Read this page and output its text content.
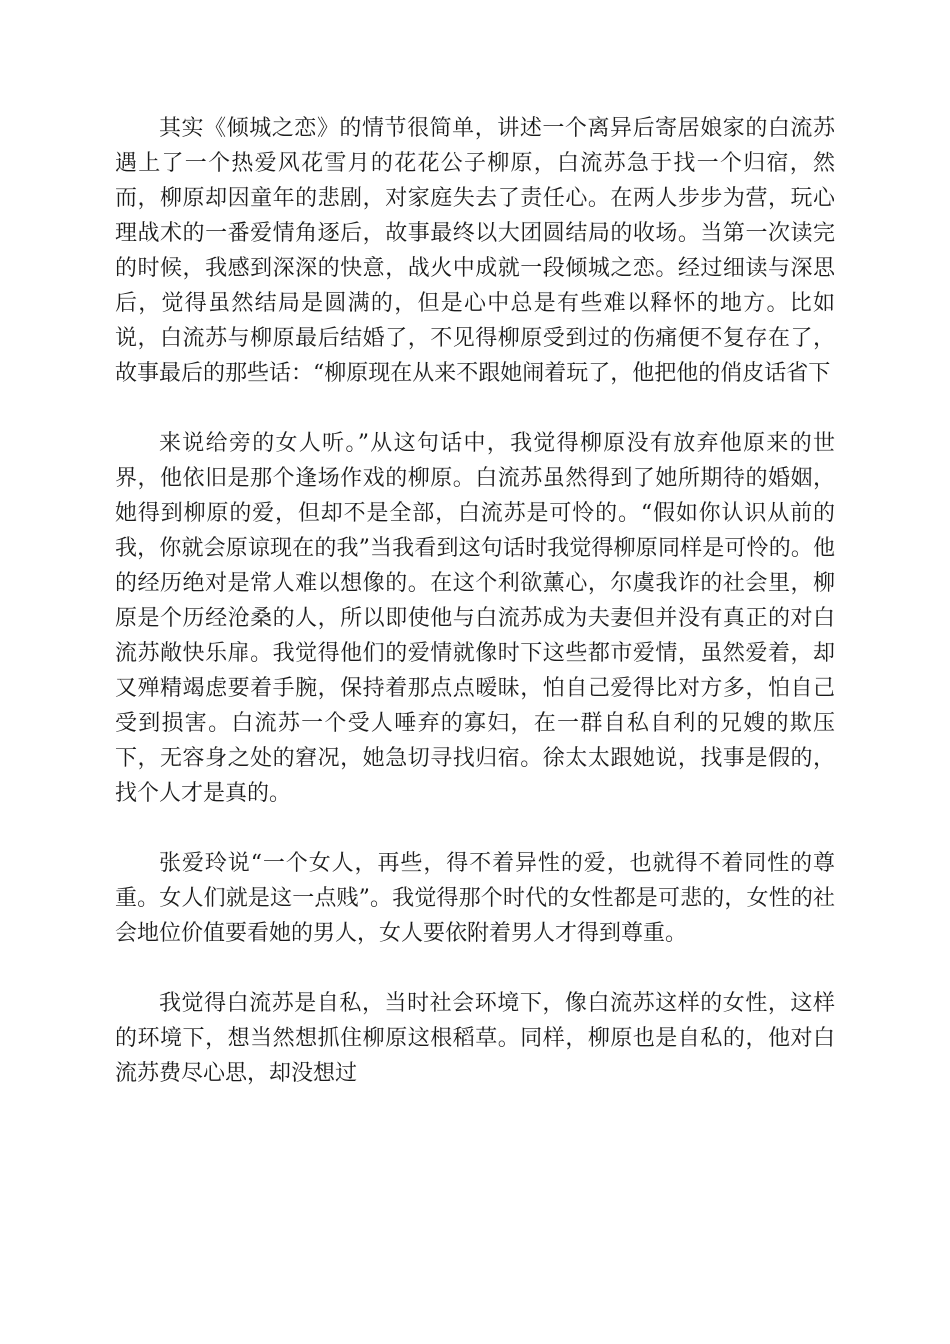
其实《倾城之恋》的情节很简单，讲述一个离异后寄居娘家的白流苏遇上了一个热爱风花雪月的花花公子柳原，白流苏急于找一个归宿，然而，柳原却因童年的悲剧，对家庭失去了责任心。在两人步步为营，玩心理战术的一番爱情角逐后，故事最终以大团圆结局的收场。当第一次读完的时候，我感到深深的快意，战火中成就一段倾城之恋。经过细读与深思后，觉得虽然结局是圆满的，但是心中总是有些难以释怀的地方。比如说，白流苏与柳原最后结婚了，不见得柳原受到过的伤痛便不复存在了，故事最后的那些话：“柳原现在从来不跟她闹着玩了，他把他的俏皮话省下

来说给旁的女人听。”从这句话中，我觉得柳原没有放弃他原来的世界，他依旧是那个逢场作戏的柳原。白流苏虽然得到了她所期待的婚姻，她得到柳原的爱，但却不是全部，白流苏是可怜的。“假如你认识从前的我，你就会原谅现在的我”当我看到这句话时我觉得柳原同样是可怜的。他的经历绝对是常人难以想像的。在这个利欲薰心，尔虞我诈的社会里，柳原是个历经沧桑的人，所以即使他与白流苏成为夫妻但并没有真正的对白流苏敞快乐扉。我觉得他们的爱情就像时下这些都市爱情，虽然爱着，却又殚精竭虑要着手腕，保持着那点点暧昧，怕自己爱得比对方多，怕自己受到损害。白流苏一个受人唾弃的寡妇，在一群自私自利的兄嫂的欺压下，无容身之处的窘况，她急切寻找归宿。徐太太跟她说，找事是假的，找个人才是真的。

张爱玲说“一个女人，再些，得不着异性的爱，也就得不着同性的尊重。女人们就是这一点贱”。我觉得那个时代的女性都是可悲的，女性的社会地位价值要看她的男人，女人要依附着男人才得到尊重。

我觉得白流苏是自私，当时社会环境下，像白流苏这样的女性，这样的环境下，想当然想抓住柳原这根稻草。同样，柳原也是自私的，他对白流苏费尽心思，却没想过
